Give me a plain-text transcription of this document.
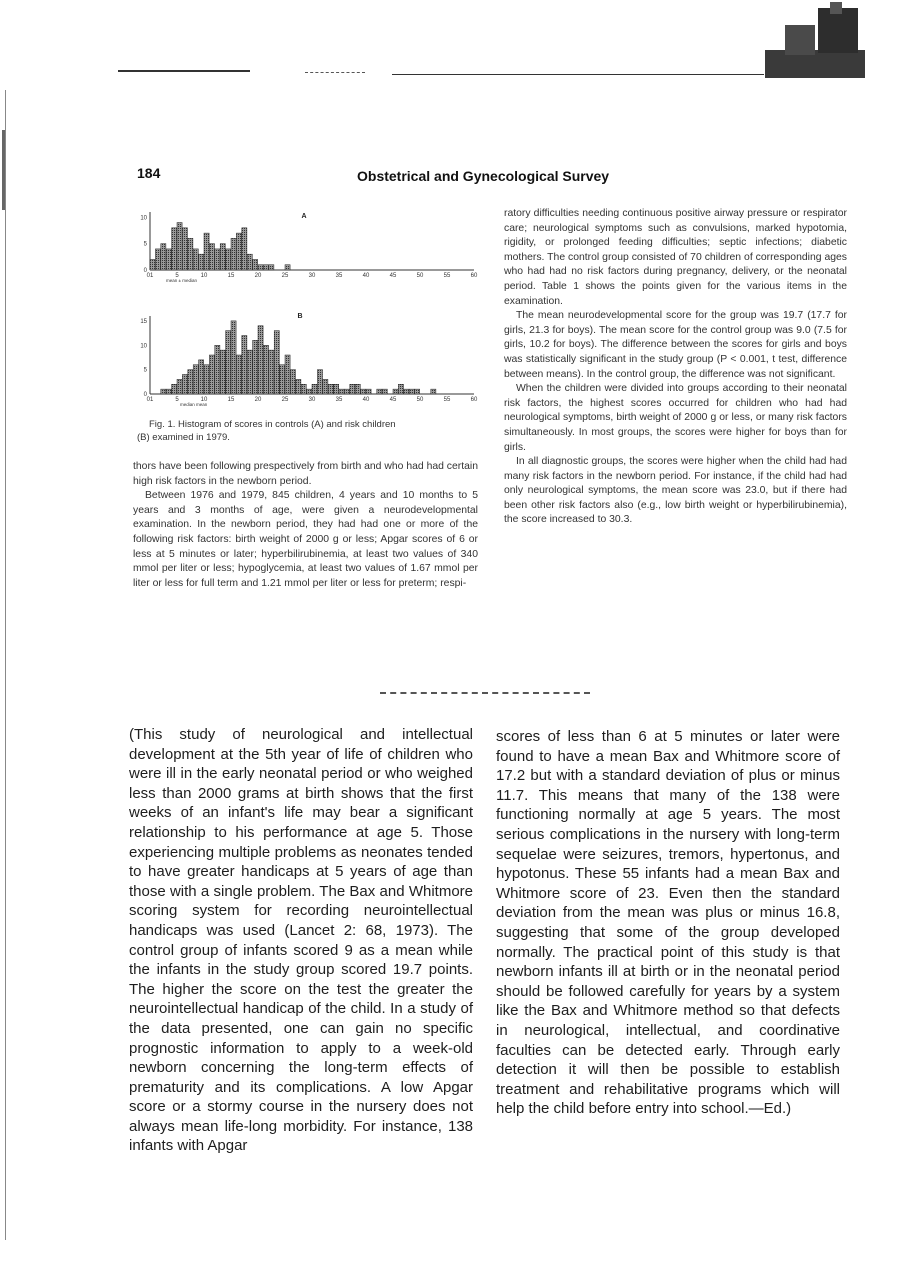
184	Obstetrical and Gynecological Survey
01	5	10	15	20	25	30	35	40	45	50	55	60
0
5
10	A
mean ± median
01	5	10	15	20	25	30	35	40	45	50	55	60
0
5
10
15
B
median mean
Fig. 1. Histogram of scores in controls (A) and risk children
(B) examined in 1979.

thors have been following prespectively from birth and who had had certain high risk factors in the newborn period.

Between 1976 and 1979, 845 children, 4 years and 10 months to 5 years and 3 months of age, were given a neurodevelopmental examination. In the newborn period, they had had one or more of the following risk factors: birth weight of 2000 g or less; Apgar scores of 6 or less at 5 minutes or later; hyperbilirubinemia, at least two values of 340 mmol per liter or less; hypoglycemia, at least two values of 1.67 mmol per liter or less for full term and 1.21 mmol per liter or less for preterm; respi-

ratory difficulties needing continuous positive airway pressure or respirator care; neurological symptoms such as convulsions, marked hypotomia, rigidity, or prolonged feeding difficulties; septic infections; diabetic mothers. The control group consisted of 70 children of corresponding ages who had had no risk factors during pregnancy, delivery, or the neonatal period. Table 1 shows the points given for the various items in the examination.

The mean neurodevelopmental score for the group was 19.7 (17.7 for girls, 21.3 for boys). The mean score for the control group was 9.0 (7.5 for girls, 10.2 for boys). The difference between the scores for girls and boys was statistically significant in the study group (P < 0.001, t test, difference between means). In the control group, the difference was not significant.

When the children were divided into groups according to their neonatal risk factors, the highest scores occurred for children who had had neurological symptoms, birth weight of 2000 g or less, or many risk factors simultaneously. In most groups, the scores were higher for boys than for girls.

In all diagnostic groups, the scores were higher when the child had had many risk factors in the newborn period. For instance, if the child had had only neurological symptoms, the mean score was 23.0, but if there had been other risk factors also (e.g., low birth weight or hyperbilirubinemia), the score increased to 30.3.

(This study of neurological and intellectual development at the 5th year of life of children who were ill in the early neonatal period or who weighed less than 2000 grams at birth shows that the first weeks of an infant's life may bear a significant relationship to his performance at age 5. Those experiencing multiple problems as neonates tended to have greater handicaps at 5 years of age than those with a single problem. The Bax and Whitmore scoring system for recording neurointellectual handicaps was used (Lancet 2: 68, 1973). The control group of infants scored 9 as a mean while the infants in the study group scored 19.7 points. The higher the score on the test the greater the neurointellectual handicap of the child. In a study of the data presented, one can gain no specific prognostic information to apply to a week-old newborn concerning the long-term effects of prematurity and its complications. A low Apgar score or a stormy course in the nursery does not always mean life-long morbidity. For instance, 138 infants with Apgar

scores of less than 6 at 5 minutes or later were found to have a mean Bax and Whitmore score of 17.2 but with a standard deviation of plus or minus 11.7. This means that many of the 138 were functioning normally at age 5 years. The most serious complications in the nursery with long-term sequelae were seizures, tremors, hypertonus, and hypotonus. These 55 infants had a mean Bax and Whitmore score of 23. Even then the standard deviation from the mean was plus or minus 16.8, suggesting that some of the group developed normally. The practical point of this study is that newborn infants ill at birth or in the neonatal period should be followed carefully for years by a system like the Bax and Whitmore method so that defects in neurological, intellectual, and coordinative faculties can be detected early. Through early detection it will then be possible to establish treatment and rehabilitative programs which will help the child before entry into school.—Ed.)
